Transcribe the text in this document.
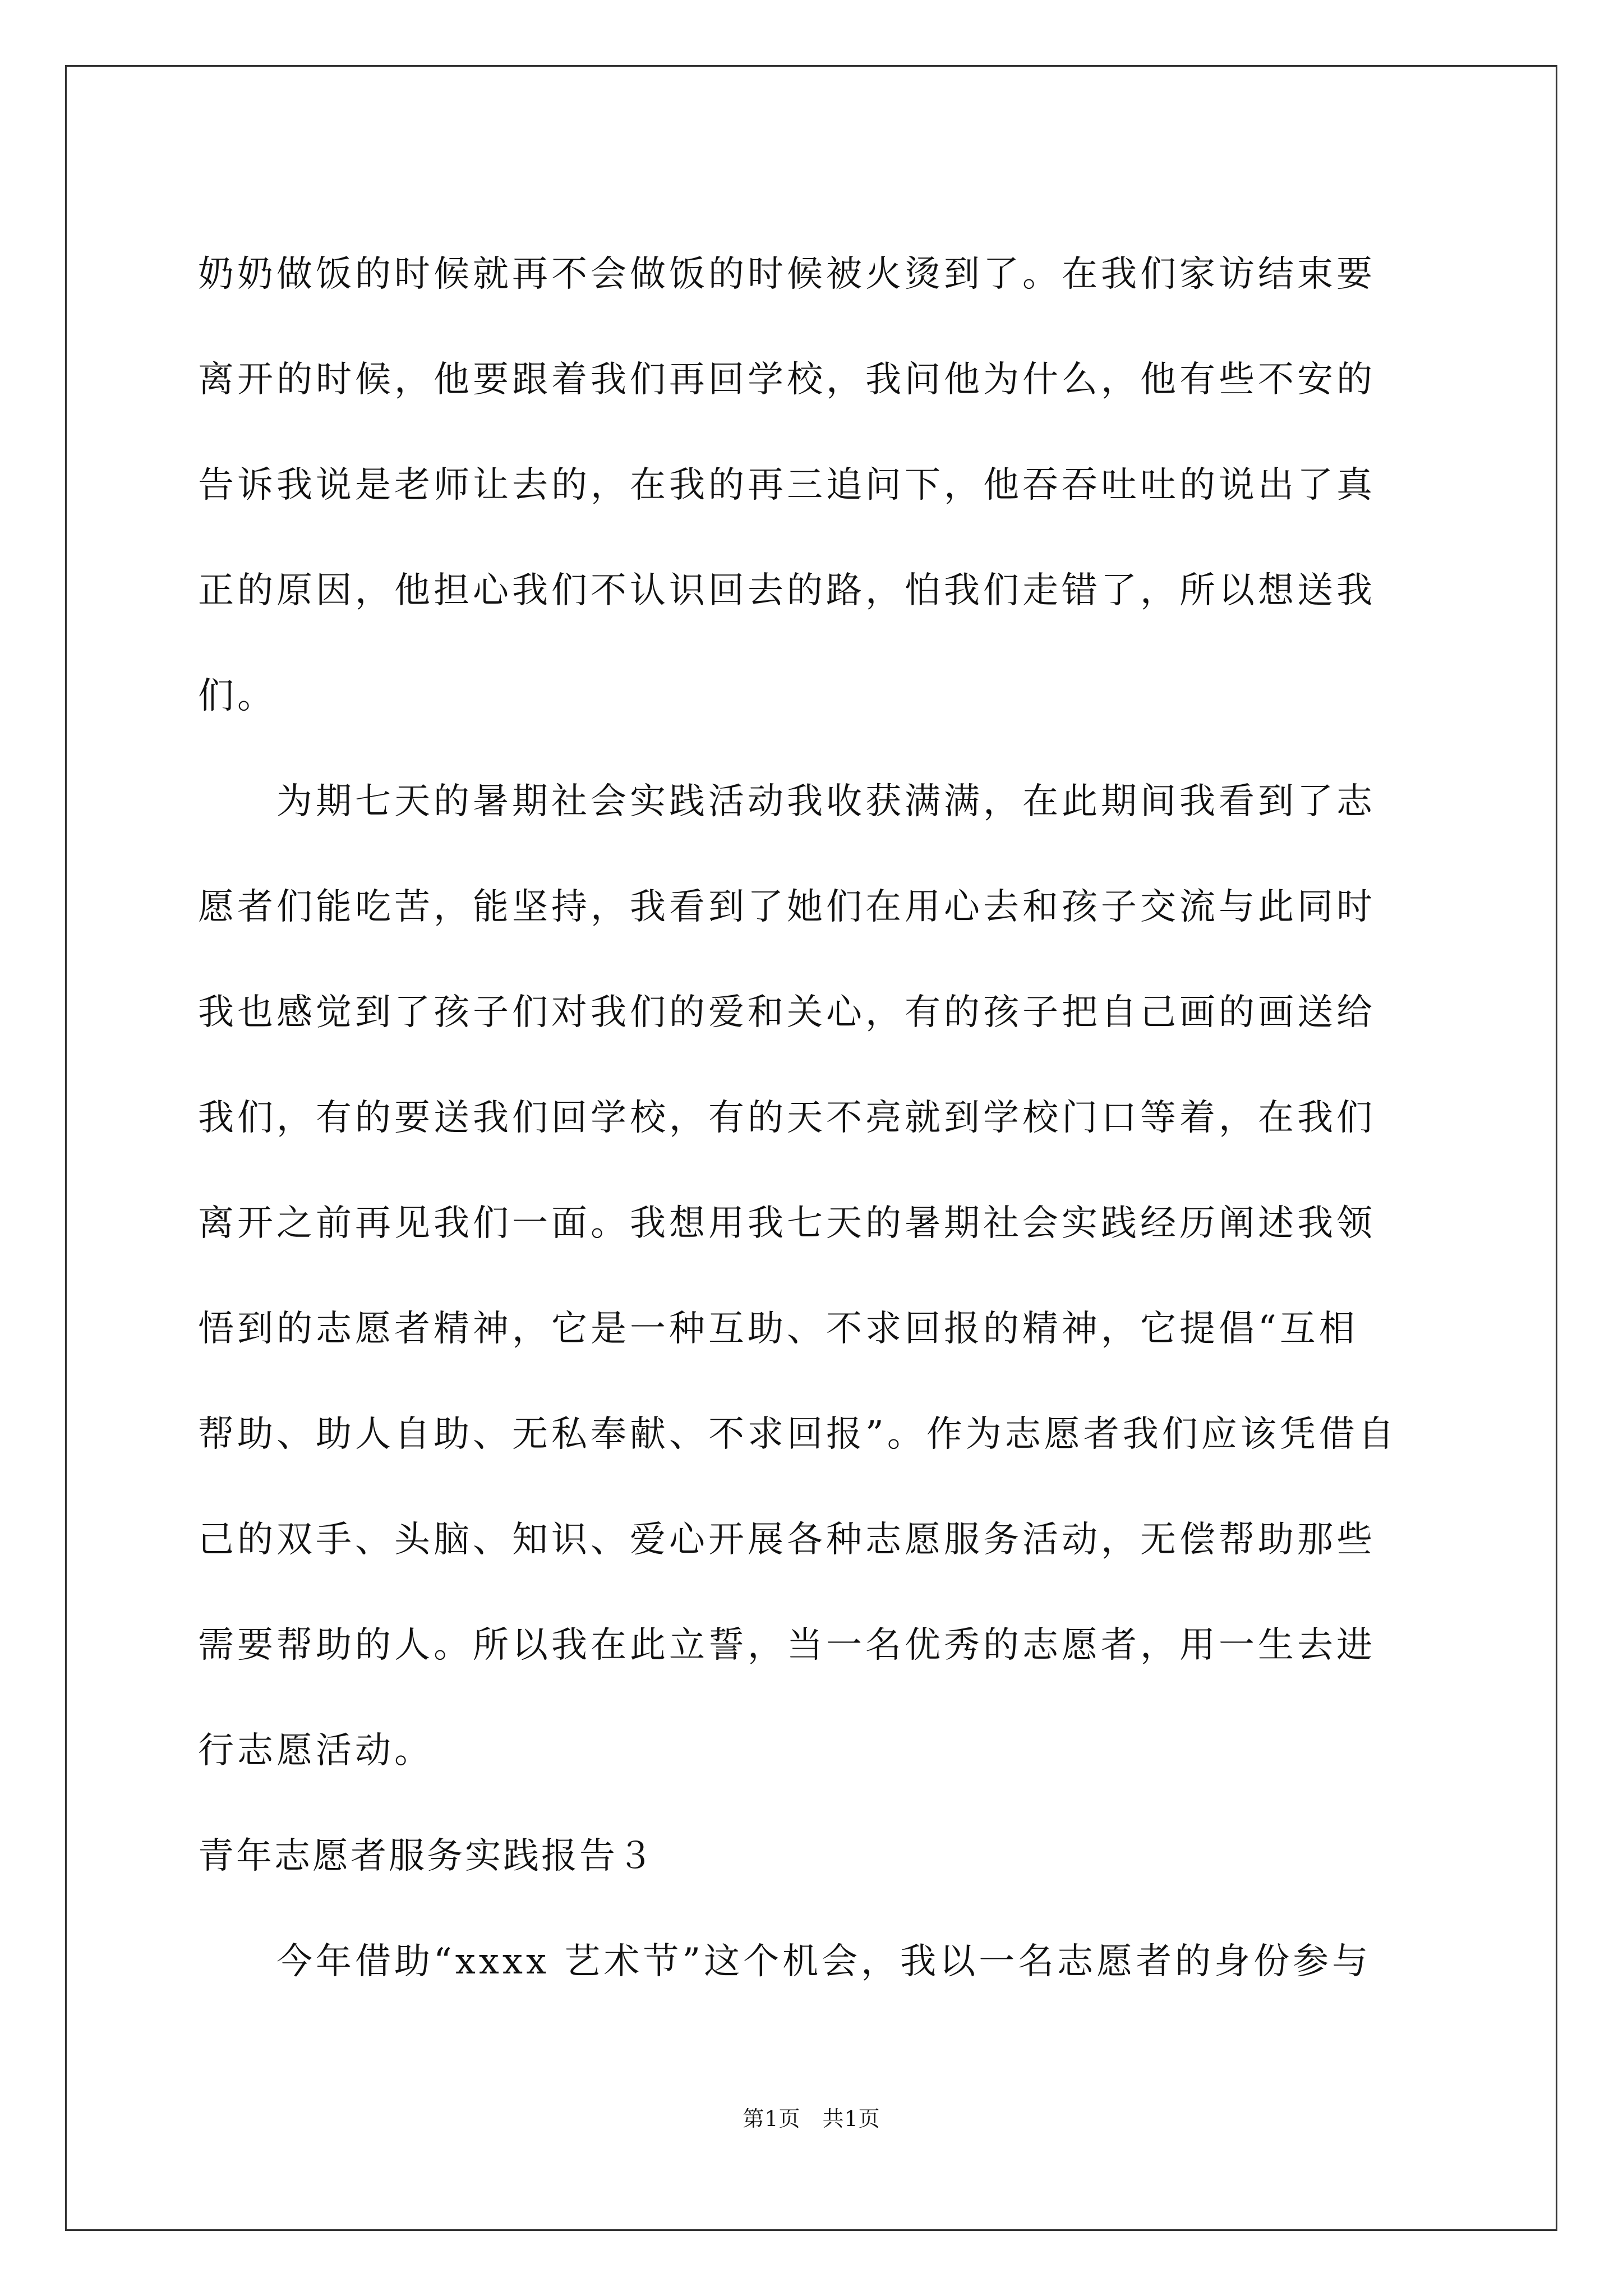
奶奶做饭的时候就再不会做饭的时候被火烫到了。在我们家访结束要
离开的时候，他要跟着我们再回学校，我问他为什么，他有些不安的
告诉我说是老师让去的，在我的再三追问下，他吞吞吐吐的说出了真
正的原因，他担心我们不认识回去的路，怕我们走错了，所以想送我
们。
为期七天的暑期社会实践活动我收获满满，在此期间我看到了志
愿者们能吃苦，能坚持，我看到了她们在用心去和孩子交流与此同时
我也感觉到了孩子们对我们的爱和关心，有的孩子把自己画的画送给
我们，有的要送我们回学校，有的天不亮就到学校门口等着，在我们
离开之前再见我们一面。我想用我七天的暑期社会实践经历阐述我领
悟到的志愿者精神，它是一种互助、不求回报的精神，它提倡“互相
帮助、助人自助、无私奉献、不求回报”。作为志愿者我们应该凭借自
己的双手、头脑、知识、爱心开展各种志愿服务活动，无偿帮助那些
需要帮助的人。所以我在此立誓，当一名优秀的志愿者，用一生去进
行志愿活动。
青年志愿者服务实践报告３
今年借助“xxxx 艺术节”这个机会，我以一名志愿者的身份参与
第1页　共1页
